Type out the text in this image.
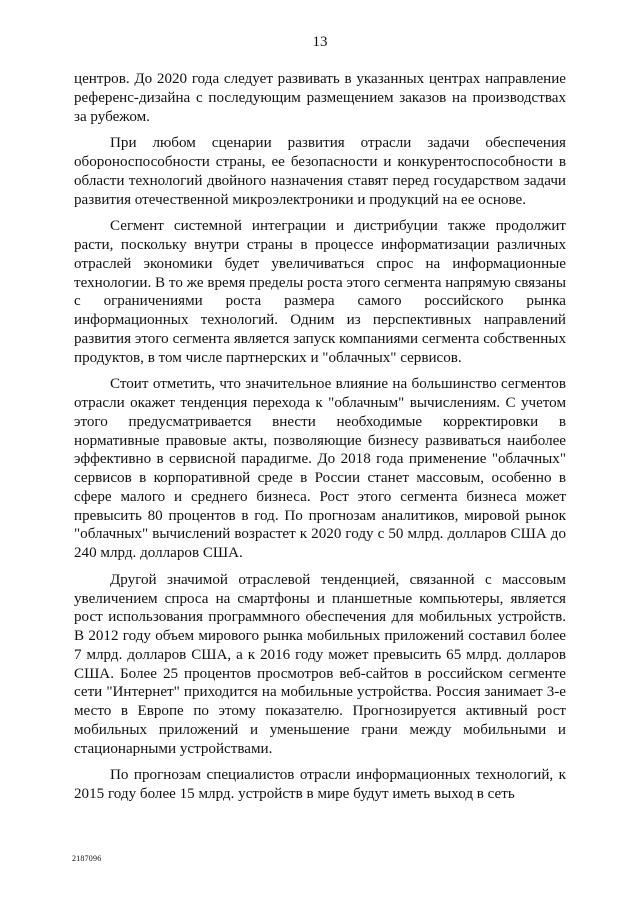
13

центров. До 2020 года следует развивать в указанных центрах направление референс-дизайна с последующим размещением заказов на производствах за рубежом.

При любом сценарии развития отрасли задачи обеспечения обороноспособности страны, ее безопасности и конкурентоспособности в области технологий двойного назначения ставят перед государством задачи развития отечественной микроэлектроники и продукций на ее основе.

Сегмент системной интеграции и дистрибуции также продолжит расти, поскольку внутри страны в процессе информатизации различных отраслей экономики будет увеличиваться спрос на информационные технологии. В то же время пределы роста этого сегмента напрямую связаны с ограничениями роста размера самого российского рынка информационных технологий. Одним из перспективных направлений развития этого сегмента является запуск компаниями сегмента собственных продуктов, в том числе партнерских и "облачных" сервисов.

Стоит отметить, что значительное влияние на большинство сегментов отрасли окажет тенденция перехода к "облачным" вычислениям. С учетом этого предусматривается внести необходимые корректировки в нормативные правовые акты, позволяющие бизнесу развиваться наиболее эффективно в сервисной парадигме. До 2018 года применение "облачных" сервисов в корпоративной среде в России станет массовым, особенно в сфере малого и среднего бизнеса. Рост этого сегмента бизнеса может превысить 80 процентов в год. По прогнозам аналитиков, мировой рынок "облачных" вычислений возрастет к 2020 году с 50 млрд. долларов США до 240 млрд. долларов США.

Другой значимой отраслевой тенденцией, связанной с массовым увеличением спроса на смартфоны и планшетные компьютеры, является рост использования программного обеспечения для мобильных устройств. В 2012 году объем мирового рынка мобильных приложений составил более 7 млрд. долларов США, а к 2016 году может превысить 65 млрд. долларов США. Более 25 процентов просмотров веб-сайтов в российском сегменте сети "Интернет" приходится на мобильные устройства. Россия занимает 3-е место в Европе по этому показателю. Прогнозируется активный рост мобильных приложений и уменьшение грани между мобильными и стационарными устройствами.

По прогнозам специалистов отрасли информационных технологий, к 2015 году более 15 млрд. устройств в мире будут иметь выход в сеть

2187096
